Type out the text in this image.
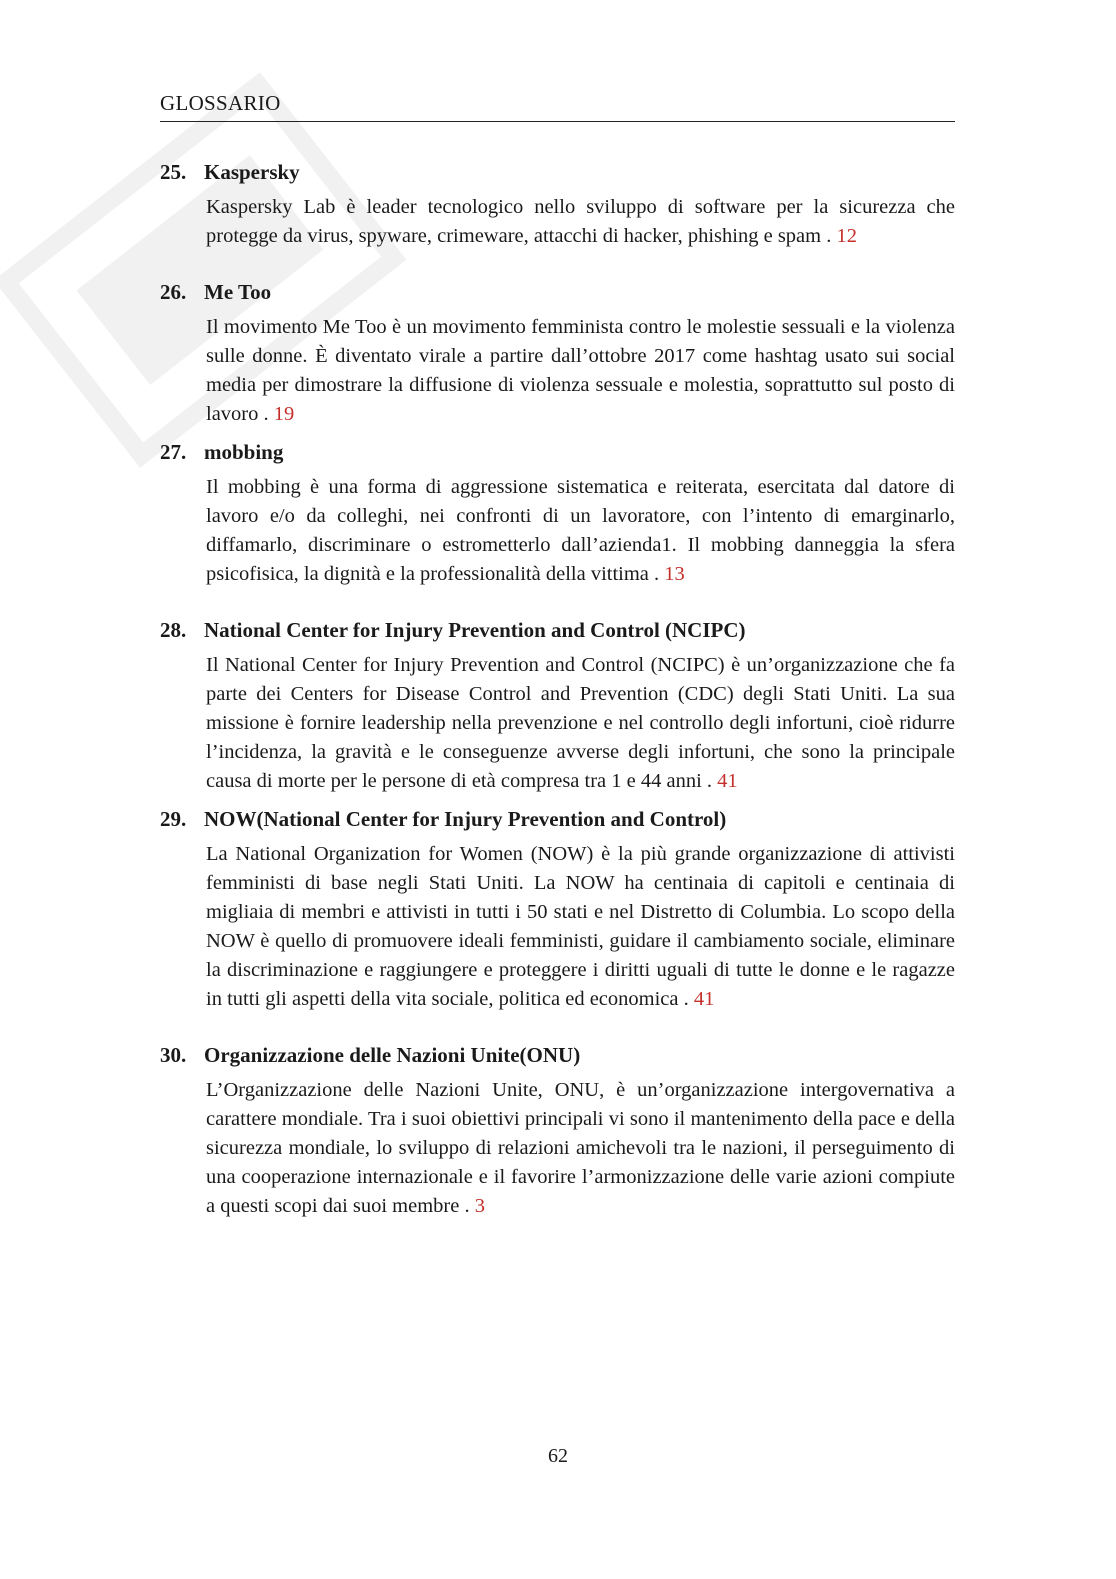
GLOSSARIO
25. Kaspersky
Kaspersky Lab è leader tecnologico nello sviluppo di software per la sicurezza che protegge da virus, spyware, crimeware, attacchi di hacker, phishing e spam . 12
26. Me Too
Il movimento Me Too è un movimento femminista contro le molestie sessuali e la violenza sulle donne. È diventato virale a partire dall’ottobre 2017 come hashtag usato sui social media per dimostrare la diffusione di violenza sessuale e molestia, soprattutto sul posto di lavoro . 19
27. mobbing
Il mobbing è una forma di aggressione sistematica e reiterata, esercitata dal datore di lavoro e/o da colleghi, nei confronti di un lavoratore, con l’intento di emarginarlo, diffamarlo, discriminare o estrometterlo dall’azienda1. Il mobbing danneggia la sfera psicofisica, la dignità e la professionalità della vittima . 13
28. National Center for Injury Prevention and Control (NCIPC)
Il National Center for Injury Prevention and Control (NCIPC) è un’organizzazione che fa parte dei Centers for Disease Control and Prevention (CDC) degli Stati Uniti. La sua missione è fornire leadership nella prevenzione e nel controllo degli infortuni, cioè ridurre l’incidenza, la gravità e le conseguenze avverse degli infortuni, che sono la principale causa di morte per le persone di età compresa tra 1 e 44 anni . 41
29. NOW(National Center for Injury Prevention and Control)
La National Organization for Women (NOW) è la più grande organizzazione di attivisti femministi di base negli Stati Uniti. La NOW ha centinaia di capitoli e centinaia di migliaia di membri e attivisti in tutti i 50 stati e nel Distretto di Columbia. Lo scopo della NOW è quello di promuovere ideali femministi, guidare il cambiamento sociale, eliminare la discriminazione e raggiungere e proteggere i diritti uguali di tutte le donne e le ragazze in tutti gli aspetti della vita sociale, politica ed economica . 41
30. Organizzazione delle Nazioni Unite(ONU)
L’Organizzazione delle Nazioni Unite, ONU, è un’organizzazione intergovernativa a carattere mondiale. Tra i suoi obiettivi principali vi sono il mantenimento della pace e della sicurezza mondiale, lo sviluppo di relazioni amichevoli tra le nazioni, il perseguimento di una cooperazione internazionale e il favorire l’armonizzazione delle varie azioni compiute a questi scopi dai suoi membre . 3
62
